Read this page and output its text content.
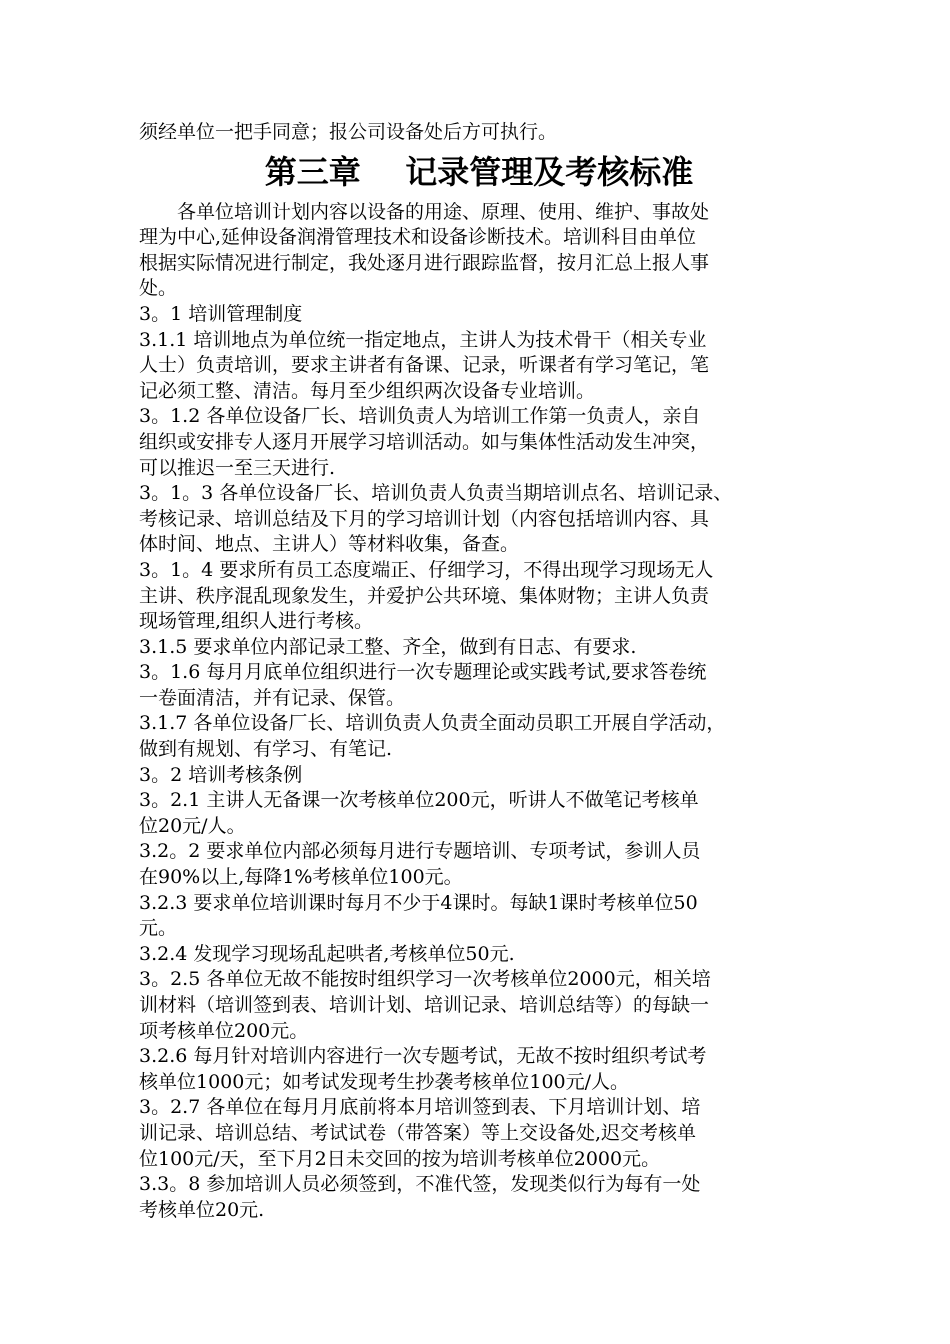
须经单位一把手同意；报公司设备处后方可执行。

第三章    记录管理及考核标准

各单位培训计划内容以设备的用途、原理、使用、维护、事故处

理为中心,延伸设备润滑管理技术和设备诊断技术。培训科目由单位

根据实际情况进行制定，我处逐月进行跟踪监督，按月汇总上报人事

处。

3。1 培训管理制度

3.1.1 培训地点为单位统一指定地点，主讲人为技术骨干（相关专业

人士）负责培训，要求主讲者有备课、记录，听课者有学习笔记，笔

记必须工整、清洁。每月至少组织两次设备专业培训。

3。1.2 各单位设备厂长、培训负责人为培训工作第一负责人，亲自

组织或安排专人逐月开展学习培训活动。如与集体性活动发生冲突，

可以推迟一至三天进行.

3。1。3 各单位设备厂长、培训负责人负责当期培训点名、培训记录、

考核记录、培训总结及下月的学习培训计划（内容包括培训内容、具

体时间、地点、主讲人）等材料收集，备查。

3。1。4 要求所有员工态度端正、仔细学习，不得出现学习现场无人

主讲、秩序混乱现象发生，并爱护公共环境、集体财物；主讲人负责

现场管理,组织人进行考核。

3.1.5 要求单位内部记录工整、齐全，做到有日志、有要求.

3。1.6 每月月底单位组织进行一次专题理论或实践考试,要求答卷统

一卷面清洁，并有记录、保管。

3.1.7 各单位设备厂长、培训负责人负责全面动员职工开展自学活动，

做到有规划、有学习、有笔记.

3。2 培训考核条例

3。2.1 主讲人无备课一次考核单位200元，听讲人不做笔记考核单

位20元/人。

3.2。2 要求单位内部必须每月进行专题培训、专项考试，参训人员

在90%以上,每降1%考核单位100元。

3.2.3 要求单位培训课时每月不少于4课时。每缺1课时考核单位50

元。

3.2.4 发现学习现场乱起哄者,考核单位50元.

3。2.5 各单位无故不能按时组织学习一次考核单位2000元，相关培

训材料（培训签到表、培训计划、培训记录、培训总结等）的每缺一

项考核单位200元。

3.2.6 每月针对培训内容进行一次专题考试，无故不按时组织考试考

核单位1000元；如考试发现考生抄袭考核单位100元/人。

3。2.7 各单位在每月月底前将本月培训签到表、下月培训计划、培

训记录、培训总结、考试试卷（带答案）等上交设备处,迟交考核单

位100元/天，至下月2日未交回的按为培训考核单位2000元。

3.3。8 参加培训人员必须签到，不准代签，发现类似行为每有一处

考核单位20元.
